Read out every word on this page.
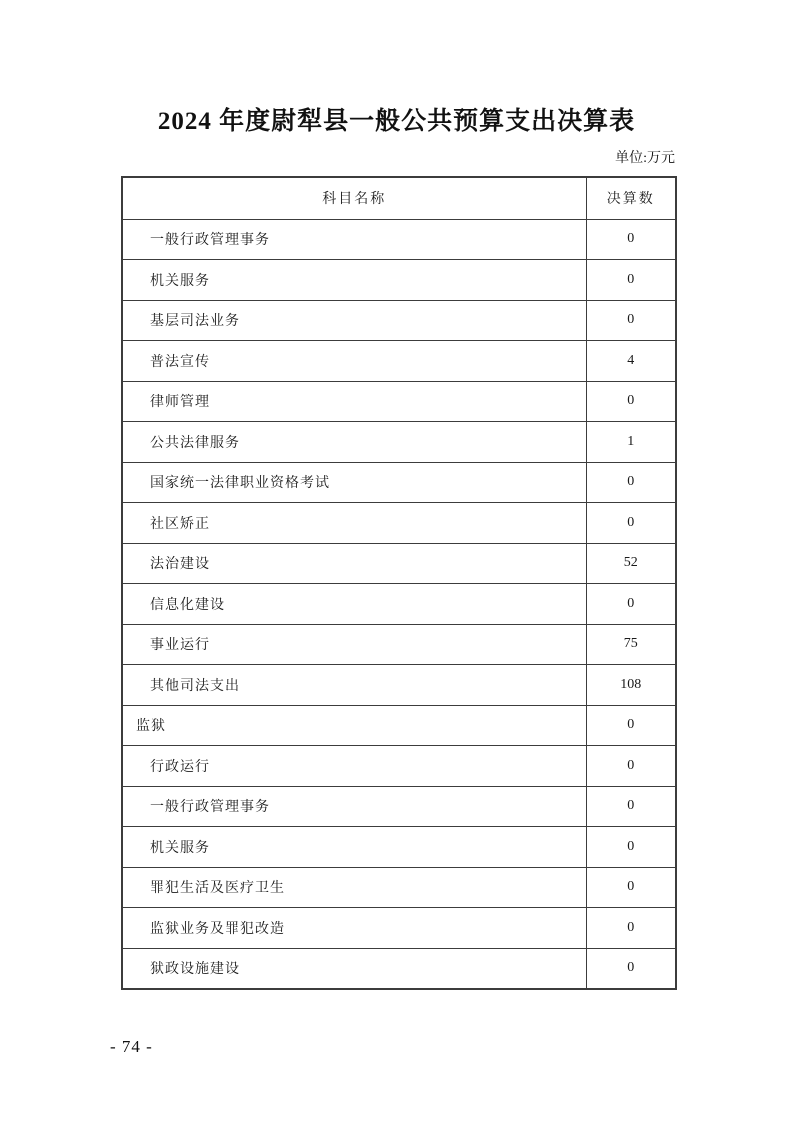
2024 年度尉犁县一般公共预算支出决算表
单位:万元
科目名称	决算数
一般行政管理事务	0
机关服务	0
基层司法业务	0
普法宣传	4
律师管理	0
公共法律服务	1
国家统一法律职业资格考试	0
社区矫正	0
法治建设	52
信息化建设	0
事业运行	75
其他司法支出	108
监狱	0
行政运行	0
一般行政管理事务	0
机关服务	0
罪犯生活及医疗卫生	0
监狱业务及罪犯改造	0
狱政设施建设	0
- 74 -
